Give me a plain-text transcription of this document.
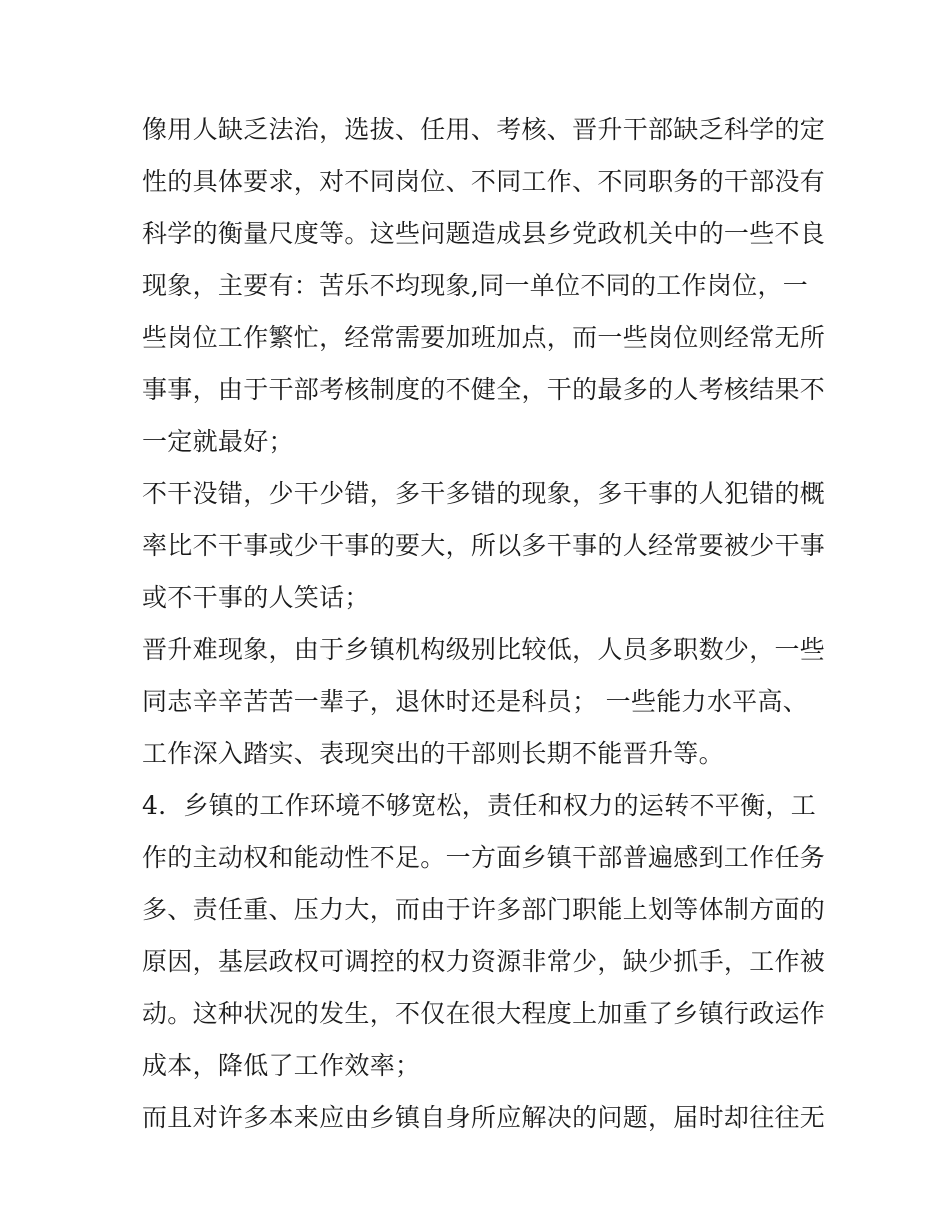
像用人缺乏法治，选拔、任用、考核、晋升干部缺乏科学的定
性的具体要求，对不同岗位、不同工作、不同职务的干部没有
科学的衡量尺度等。这些问题造成县乡党政机关中的一些不良
现象，主要有：苦乐不均现象,同一单位不同的工作岗位，一
些岗位工作繁忙，经常需要加班加点，而一些岗位则经常无所
事事，由于干部考核制度的不健全，干的最多的人考核结果不
一定就最好；
不干没错，少干少错，多干多错的现象，多干事的人犯错的概
率比不干事或少干事的要大，所以多干事的人经常要被少干事
或不干事的人笑话；
晋升难现象，由于乡镇机构级别比较低，人员多职数少，一些
同志辛辛苦苦一辈子，退休时还是科员； 一些能力水平高、
工作深入踏实、表现突出的干部则长期不能晋升等。
4．乡镇的工作环境不够宽松，责任和权力的运转不平衡，工
作的主动权和能动性不足。一方面乡镇干部普遍感到工作任务
多、责任重、压力大，而由于许多部门职能上划等体制方面的
原因，基层政权可调控的权力资源非常少，缺少抓手，工作被
动。这种状况的发生，不仅在很大程度上加重了乡镇行政运作
成本，降低了工作效率；
而且对许多本来应由乡镇自身所应解决的问题，届时却往往无
